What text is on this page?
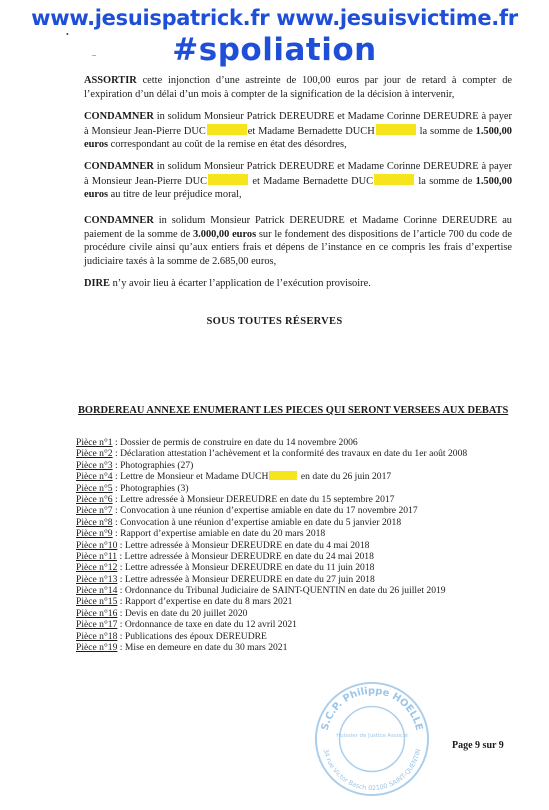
www.jesuispatrick.fr www.jesuisvictime.fr
#spoliation
•
–

ASSORTIR cette injonction d’une astreinte de 100,00 euros par jour de retard à compter de l’expiration d’un délai d’un mois à compter de la signification de la décision à intervenir,

CONDAMNER in solidum Monsieur Patrick DEREUDRE et Madame Corinne DEREUDRE à payer à Monsieur Jean-Pierre DUC	et Madame Bernadette DUCH	la somme de 1.500,00 euros correspondant au coût de la remise en état des désordres,

CONDAMNER in solidum Monsieur Patrick DEREUDRE et Madame Corinne DEREUDRE à payer à Monsieur Jean-Pierre DUC	et Madame Bernadette DUC	la somme de 1.500,00 euros au titre de leur préjudice moral,

CONDAMNER in solidum Monsieur Patrick DEREUDRE et Madame Corinne DEREUDRE au paiement de la somme de 3.000,00 euros sur le fondement des dispositions de l’article 700 du code de procédure civile ainsi qu’aux entiers frais et dépens de l’instance en ce compris les frais d’expertise judiciaire taxés à la somme de 2.685,00 euros,

DIRE n’y avoir lieu à écarter l’application de l’exécution provisoire.

SOUS TOUTES RÉSERVES

BORDEREAU ANNEXE ENUMERANT LES PIECES QUI SERONT VERSEES AUX DEBATS

Pièce n°1 : Dossier de permis de construire en date du 14 novembre 2006
Pièce n°2 : Déclaration attestation l’achèvement et la conformité des travaux en date du 1er août 2008
Pièce n°3 : Photographies (27)
Pièce n°4 : Lettre de Monsieur et Madame DUCH	en date du 26 juin 2017
Pièce n°5 : Photographies (3)
Pièce n°6 : Lettre adressée à Monsieur DEREUDRE en date du 15 septembre 2017
Pièce n°7 : Convocation à une réunion d’expertise amiable en date du 17 novembre 2017
Pièce n°8 : Convocation à une réunion d’expertise amiable en date du 5 janvier 2018
Pièce n°9 : Rapport d’expertise amiable en date du 20 mars 2018
Pièce n°10 : Lettre adressée à Monsieur DEREUDRE en date du 4 mai 2018
Pièce n°11 : Lettre adressée à Monsieur DEREUDRE en date du 24 mai 2018
Pièce n°12 : Lettre adressée à Monsieur DEREUDRE en date du 11 juin 2018
Pièce n°13 : Lettre adressée à Monsieur DEREUDRE en date du 27 juin 2018
Pièce n°14 : Ordonnance du Tribunal Judiciaire de SAINT-QUENTIN en date du 26 juillet 2019
Pièce n°15 : Rapport d’expertise en date du 8 mars 2021
Pièce n°16 : Devis en date du 20 juillet 2020
Pièce n°17 : Ordonnance de taxe en date du 12 avril 2021
Pièce n°18 : Publications des époux DEREUDRE
Pièce n°19 : Mise en demeure en date du 30 mars 2021
S.C.P. Philippe HOELLE
34 rue Victor Basch 02100 SAINT-QUENTIN
Huissier de Justice Associé
Page 9 sur 9
